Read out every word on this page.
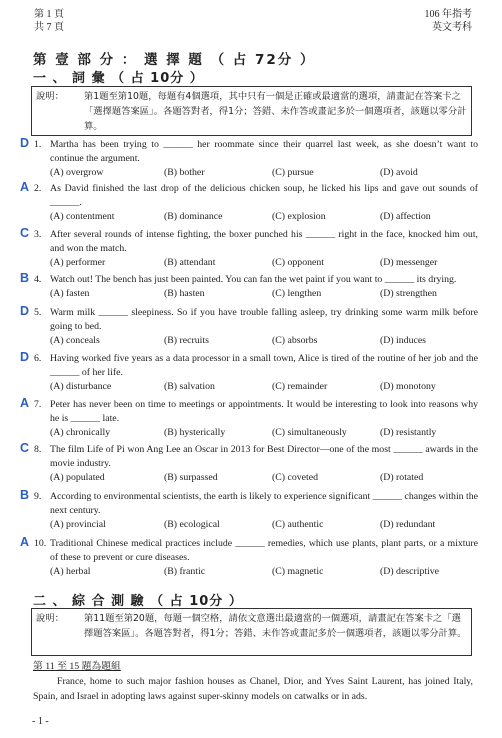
第 1 頁
共 7 頁
106 年指考
英文考科
第 壹 部 分 ： 選 擇 題 （ 占 72分 ）
一 、 詞 彙 （ 占 10分 ）
說明： 第1題至第10題，每題有4個選項，其中只有一個是正確或最適當的選項，請畫記在答案卡之「選擇題答案區」。各題答對者，得1分；答錯、未作答或畫記多於一個選項者，該題以零分計算。
D 1. Martha has been trying to ______ her roommate since their quarrel last week, as she doesn’t want to continue the argument.
(A) overgrow	(B) bother	(C) pursue	(D) avoid
A 2. As David finished the last drop of the delicious chicken soup, he licked his lips and gave out sounds of ______.
(A) contentment	(B) dominance	(C) explosion	(D) affection
C 3. After several rounds of intense fighting, the boxer punched his ______ right in the face, knocked him out, and won the match.
(A) performer	(B) attendant	(C) opponent	(D) messenger
B 4. Watch out! The bench has just been painted. You can fan the wet paint if you want to ______ its drying.
(A) fasten	(B) hasten	(C) lengthen	(D) strengthen
D 5. Warm milk ______ sleepiness. So if you have trouble falling asleep, try drinking some warm milk before going to bed.
(A) conceals	(B) recruits	(C) absorbs	(D) induces
D 6. Having worked five years as a data processor in a small town, Alice is tired of the routine of her job and the ______ of her life.
(A) disturbance	(B) salvation	(C) remainder	(D) monotony
A 7. Peter has never been on time to meetings or appointments. It would be interesting to look into reasons why he is ______ late.
(A) chronically	(B) hysterically	(C) simultaneously	(D) resistantly
C 8. The film Life of Pi won Ang Lee an Oscar in 2013 for Best Director—one of the most ______ awards in the movie industry.
(A) populated	(B) surpassed	(C) coveted	(D) rotated
B 9. According to environmental scientists, the earth is likely to experience significant ______ changes within the next century.
(A) provincial	(B) ecological	(C) authentic	(D) redundant
A 10. Traditional Chinese medical practices include ______ remedies, which use plants, plant parts, or a mixture of these to prevent or cure diseases.
(A) herbal	(B) frantic	(C) magnetic	(D) descriptive
二 、 綜 合 測 驗 （ 占 10分 ）
說明： 第11題至第20題，每題一個空格，請依文意選出最適當的一個選項，請畫記在答案卡之「選擇題答案區」。各題答對者，得1分；答錯、未作答或畫記多於一個選項者，該題以零分計算。
第 11 至 15 題為題組
France, home to such major fashion houses as Chanel, Dior, and Yves Saint Laurent, has joined Italy, Spain, and Israel in adopting laws against super-skinny models on catwalks or in ads.
- 1 -
